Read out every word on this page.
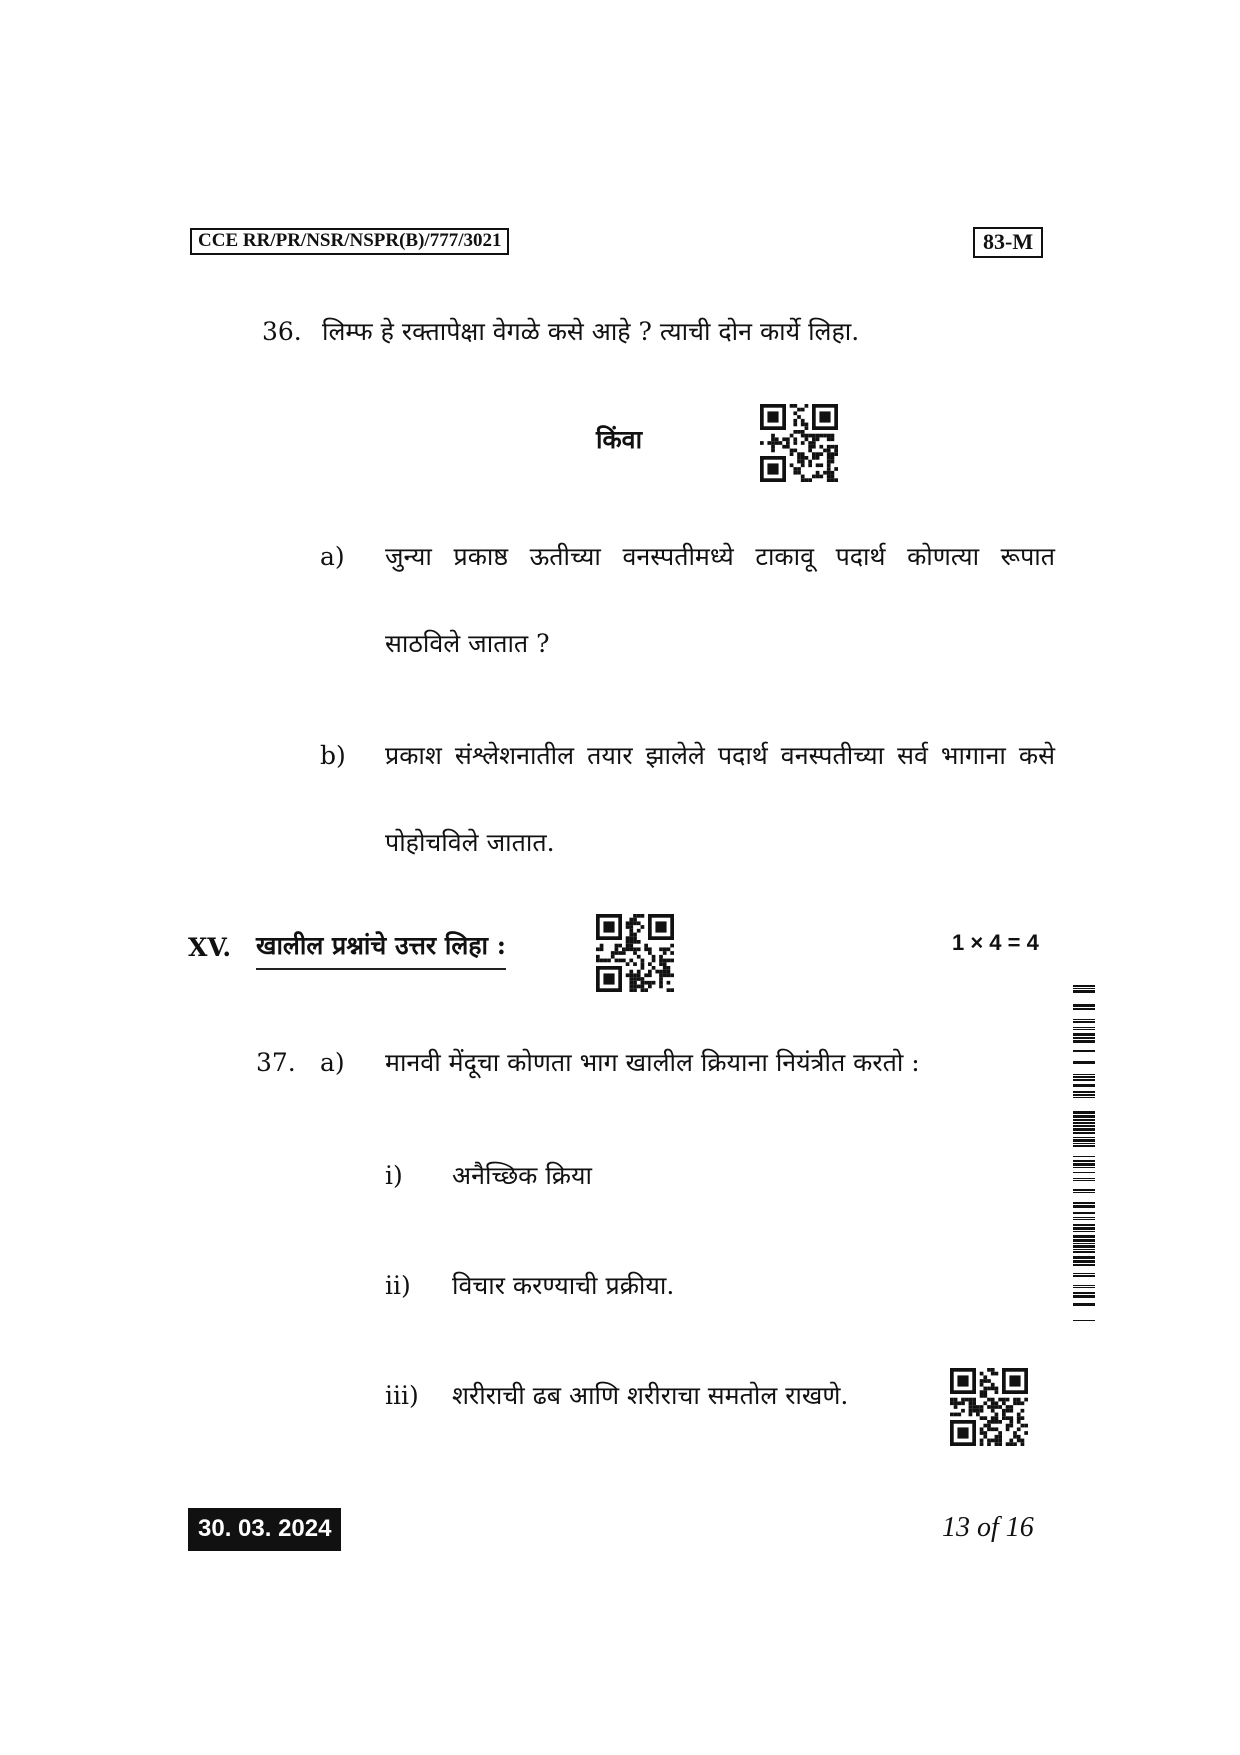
CCE RR/PR/NSR/NSPR(B)/777/3021	83-M
36. लिम्फ हे रक्तापेक्षा वेगळे कसे आहे ? त्याची दोन कार्ये लिहा.
किंवा
a) जुन्या प्रकाष्ठ ऊतीच्या वनस्पतीमध्ये टाकावू पदार्थ कोणत्या रूपात
साठविले जातात ?
b) प्रकाश संश्लेशनातील तयार झालेले पदार्थ वनस्पतीच्या सर्व भागाना कसे
पोहोचविले जातात.
XV. खालील प्रश्नांचे उत्तर लिहा :	1 × 4 = 4
37. a) मानवी मेंदूचा कोणता भाग खालील क्रियाना नियंत्रीत करतो :
i) अनैच्छिक क्रिया
ii) विचार करण्याची प्रक्रीया.
iii) शरीराची ढब आणि शरीराचा समतोल राखणे.
30. 03. 2024	13 of 16
